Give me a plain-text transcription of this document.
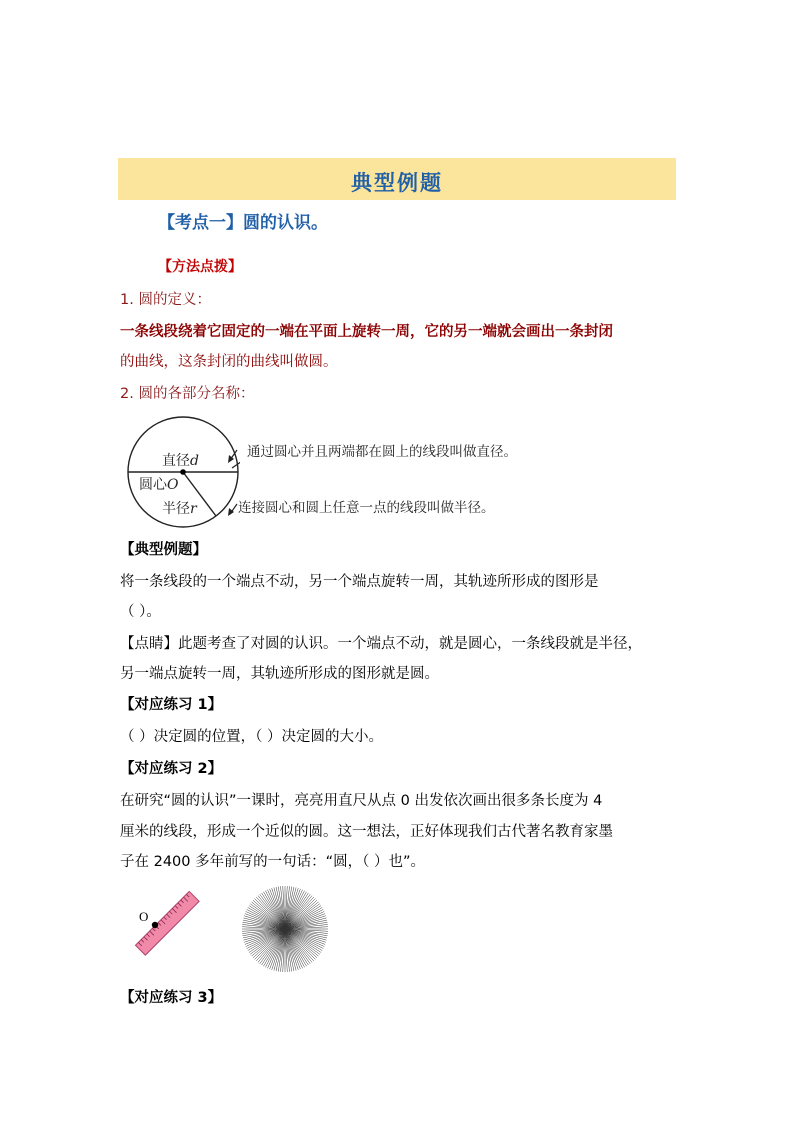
典型例题
【考点一】圆的认识。
【方法点拨】
1. 圆的定义：
一条线段绕着它固定的一端在平面上旋转一周，它的另一端就会画出一条封闭
的曲线，这条封闭的曲线叫做圆。
2. 圆的各部分名称：
直径d
圆心O
半径r
通过圆心并且两端都在圆上的线段叫做直径。
连接圆心和圆上任意一点的线段叫做半径。
【典型例题】
将一条线段的一个端点不动，另一个端点旋转一周，其轨迹所形成的图形是
（ ）。
【点睛】此题考查了对圆的认识。一个端点不动，就是圆心，一条线段就是半径，
另一端点旋转一周，其轨迹所形成的图形就是圆。
【对应练习 1】
（ ）决定圆的位置，（ ）决定圆的大小。
【对应练习 2】
在研究“圆的认识”一课时，亮亮用直尺从点 0 出发依次画出很多条长度为 4
厘米的线段，形成一个近似的圆。这一想法，正好体现我们古代著名教育家墨
子在 2400 多年前写的一句话：“圆，（ ）也”。
O
【对应练习 3】
